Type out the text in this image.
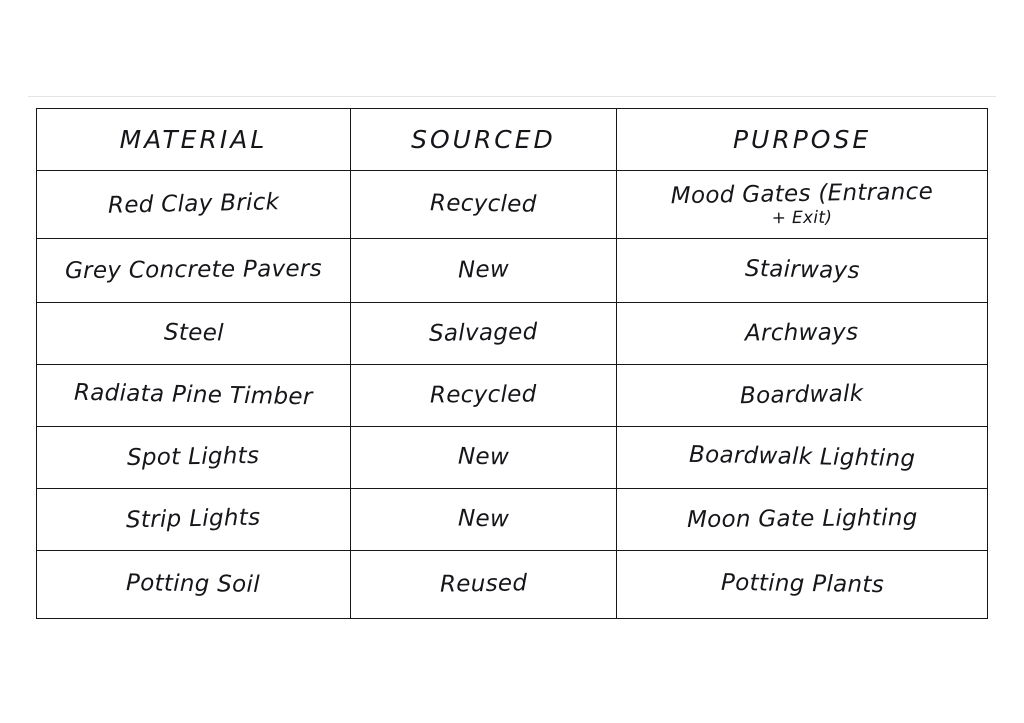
MATERIAL	SOURCED	PURPOSE
Red Clay Brick	Recycled	Mood Gates (Entrance
+ Exit)

Grey Concrete Pavers	New	Stairways
Steel	Salvaged	Archways
Radiata Pine Timber	Recycled	Boardwalk
Spot Lights	New	Boardwalk Lighting
Strip Lights	New	Moon Gate Lighting
Potting Soil	Reused	Potting Plants
